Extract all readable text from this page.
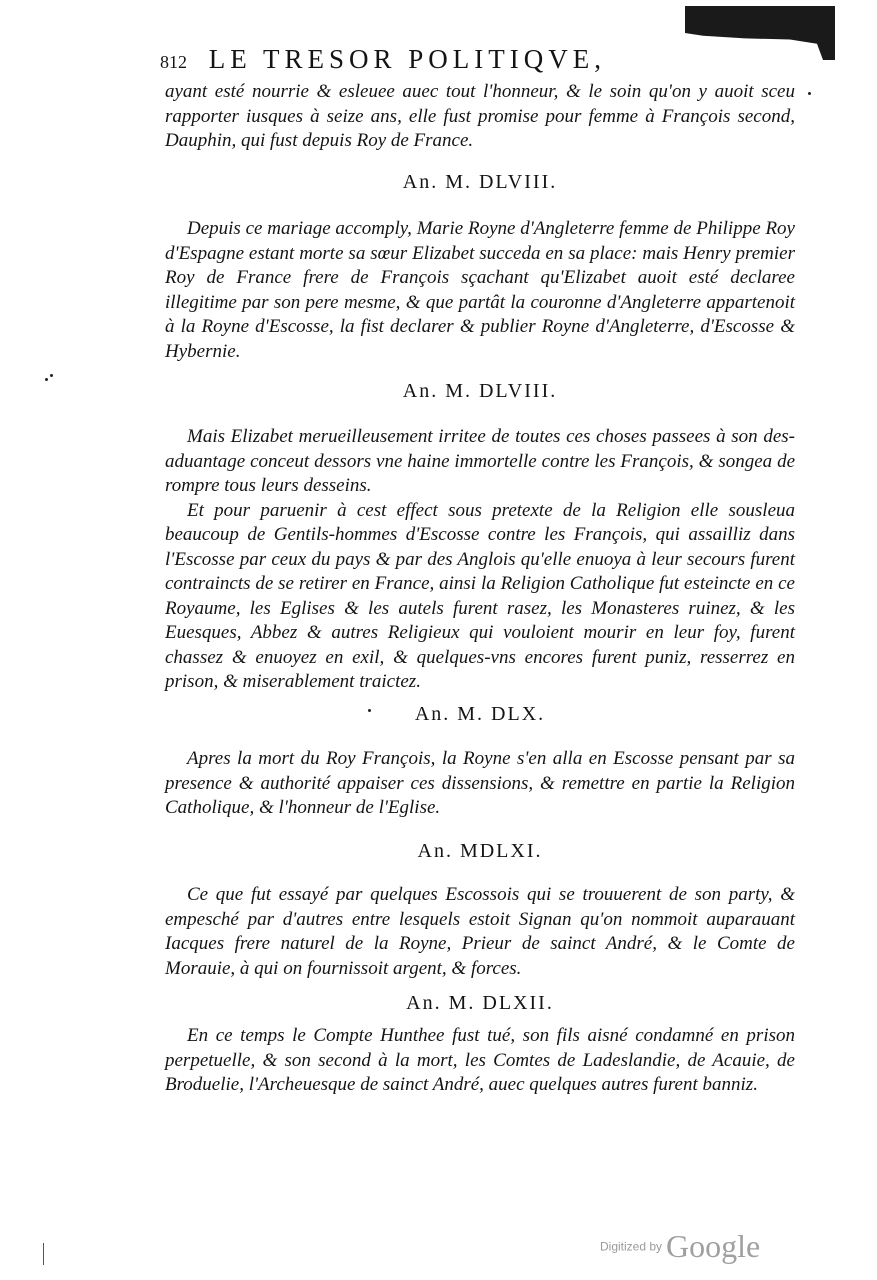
812 LE TRESOR POLITIQVE,

ayant esté nourrie & esleuee auec tout l'honneur, & le soin qu'on y auoit sceu rapporter iusques à seize ans, elle fust promise pour femme à François second, Dauphin, qui fust depuis Roy de France.

An. M. DLVIII.

Depuis ce mariage accomply, Marie Royne d'Angleterre femme de Philippe Roy d'Espagne estant morte sa sœur Elizabet succeda en sa place: mais Henry premier Roy de France frere de François sçachant qu'Elizabet auoit esté declaree illegitime par son pere mesme, & que partât la couronne d'Angleterre appartenoit à la Royne d'Escosse, la fist declarer & publier Royne d'Angleterre, d'Escosse & Hybernie.

An. M. DLVIII.

Mais Elizabet merueilleusement irritee de toutes ces choses passees à son des-aduantage conceut dessors vne haine immortelle contre les François, & songea de rompre tous leurs desseins.

Et pour paruenir à cest effect sous pretexte de la Religion elle sousleua beaucoup de Gentils-hommes d'Escosse contre les François, qui assailliz dans l'Escosse par ceux du pays & par des Anglois qu'elle enuoya à leur secours furent contraincts de se retirer en France, ainsi la Religion Catholique fut esteincte en ce Royaume, les Eglises & les autels furent rasez, les Monasteres ruinez, & les Euesques, Abbez & autres Religieux qui vouloient mourir en leur foy, furent chassez & enuoyez en exil, & quelques-vns encores furent puniz, resserrez en prison, & miserablement traictez.

An. M. DLX.

Apres la mort du Roy François, la Royne s'en alla en Escosse pensant par sa presence & authorité appaiser ces dissensions, & remettre en partie la Religion Catholique, & l'honneur de l'Eglise.

An. MDLXI.

Ce que fut essayé par quelques Escossois qui se trouuerent de son party, & empesché par d'autres entre lesquels estoit Signan qu'on nommoit auparauant Iacques frere naturel de la Royne, Prieur de sainct André, & le Comte de Morauie, à qui on fournissoit argent, & forces.

An. M. DLXII.

En ce temps le Compte Hunthee fust tué, son fils aisné condamné en prison perpetuelle, & son second à la mort, les Comtes de Ladeslandie, de Acauie, de Broduelie, l'Archeuesque de sainct André, auec quelques autres furent banniz.

Digitized by Google
